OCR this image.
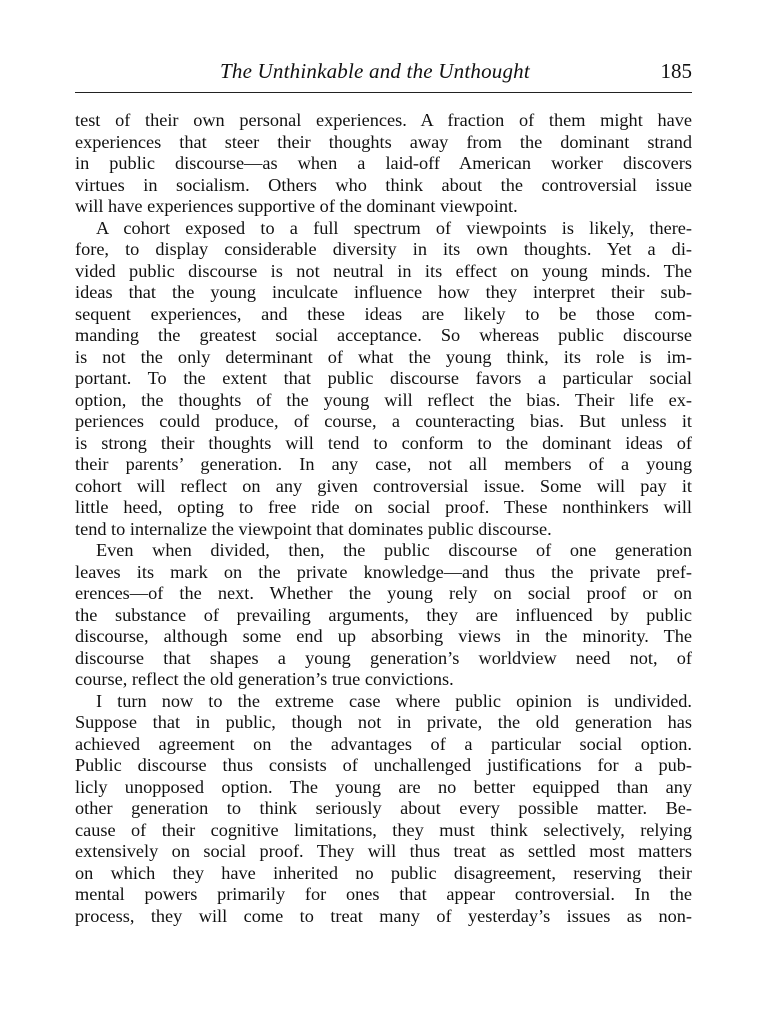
The Unthinkable and the Unthought	185
test of their own personal experiences. A fraction of them might have
experiences that steer their thoughts away from the dominant strand
in public discourse—as when a laid-off American worker discovers
virtues in socialism. Others who think about the controversial issue
will have experiences supportive of the dominant viewpoint.
A cohort exposed to a full spectrum of viewpoints is likely, there-
fore, to display considerable diversity in its own thoughts. Yet a di-
vided public discourse is not neutral in its effect on young minds. The
ideas that the young inculcate influence how they interpret their sub-
sequent experiences, and these ideas are likely to be those com-
manding the greatest social acceptance. So whereas public discourse
is not the only determinant of what the young think, its role is im-
portant. To the extent that public discourse favors a particular social
option, the thoughts of the young will reflect the bias. Their life ex-
periences could produce, of course, a counteracting bias. But unless it
is strong their thoughts will tend to conform to the dominant ideas of
their parents’ generation. In any case, not all members of a young
cohort will reflect on any given controversial issue. Some will pay it
little heed, opting to free ride on social proof. These nonthinkers will
tend to internalize the viewpoint that dominates public discourse.
Even when divided, then, the public discourse of one generation
leaves its mark on the private knowledge—and thus the private pref-
erences—of the next. Whether the young rely on social proof or on
the substance of prevailing arguments, they are influenced by public
discourse, although some end up absorbing views in the minority. The
discourse that shapes a young generation’s worldview need not, of
course, reflect the old generation’s true convictions.
I turn now to the extreme case where public opinion is undivided.
Suppose that in public, though not in private, the old generation has
achieved agreement on the advantages of a particular social option.
Public discourse thus consists of unchallenged justifications for a pub-
licly unopposed option. The young are no better equipped than any
other generation to think seriously about every possible matter. Be-
cause of their cognitive limitations, they must think selectively, relying
extensively on social proof. They will thus treat as settled most matters
on which they have inherited no public disagreement, reserving their
mental powers primarily for ones that appear controversial. In the
process, they will come to treat many of yesterday’s issues as non-
